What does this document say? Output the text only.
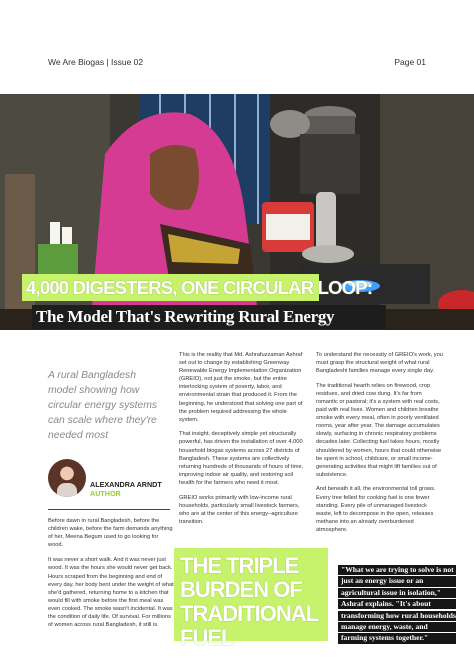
We Are Biogas | Issue 02	Page 01
4,000 DIGESTERS, ONE CIRCULAR LOOP:
The Model That's Rewriting Rural Energy
A rural Bangladesh model showing how circular energy systems can scale where they're needed most
ALEXANDRA ARNDT
AUTHOR

Before dawn in rural Bangladesh, before the children wake, before the farm demands anything of her, Meena Begum used to go looking for wood.

It was never a short walk. And it was never just wood. It was the hours she would never get back. Hours scraped from the beginning and end of every day, her body bent under the weight of what she'd gathered, returning home to a kitchen that would fill with smoke before the first meal was even cooked. The smoke wasn't incidental. It was the condition of daily life. Of survival. For millions of women across rural Bangladesh, it still is.

This is the reality that Md. Ashrafuzzaman Ashraf set out to change by establishing Greenway Renewable Energy Implementation Organization (GREIO), not just the smoke, but the entire interlocking system of poverty, labor, and environmental strain that produced it. From the beginning, he understood that solving one part of the problem required addressing the whole system.

That insight, deceptively simple yet structurally powerful, has driven the installation of over 4,000 household biogas systems across 27 districts of Bangladesh. These systems are collectively returning hundreds of thousands of hours of time, improving indoor air quality, and restoring soil health for the farmers who need it most.

GREIO works primarily with low-income rural households, particularly small livestock farmers, who are at the center of this energy–agriculture transition.

To understand the necessity of GREIO's work, you must grasp the structural weight of what rural Bangladeshi families manage every single day.

The traditional hearth relies on firewood, crop residues, and dried cow dung. It's far from romantic or pastoral; it's a system with real costs, paid with real lives. Women and children breathe smoke with every meal, often in poorly ventilated rooms, year after year. The damage accumulates slowly, surfacing in chronic respiratory problems decades later. Collecting fuel takes hours, mostly shouldered by women, hours that could otherwise be spent in school, childcare, or small income-generating activities that might lift families out of subsistence.

And beneath it all, the environmental toll grows. Every tree felled for cooking fuel is one fewer standing. Every pile of unmanaged livestock waste, left to decompose in the open, releases methane into an already overburdened atmosphere.

THE TRIPLE
BURDEN OF
TRADITIONAL FUEL
"What we are trying to solve is not
just an energy issue or an
agricultural issue in isolation,"
Ashraf explains. "It's about
transforming how rural households
manage energy, waste, and
farming systems together."
